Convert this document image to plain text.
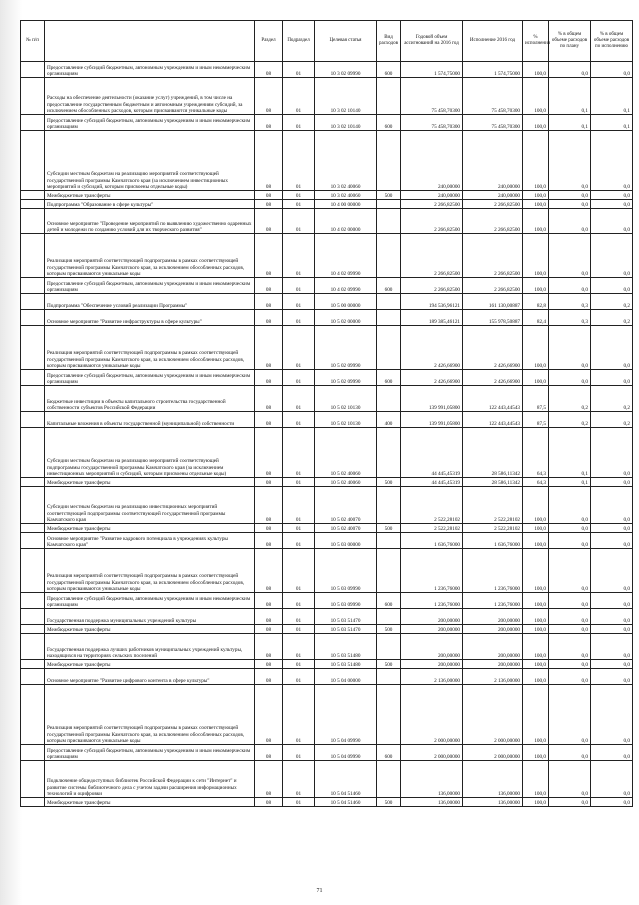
№ п/п		Раздел	Подраздел	Целевая статья	Вид расходов	Годовой объем ассигнований на 2016 год	Исполнение 2016 год	% исполнения	% в общем объеме расходов по плану	% в общем объеме расходов по исполнению
	Предоставление субсидий бюджетным, автономным учреждениям и иным некоммерческим организациям	08	01	10 3 02 09990	600	1 574,75000	1 574,75000	100,0	0,0	0,0
	Расходы на обеспечение деятельности (оказание услуг) учреждений, в том числе на предоставление государственным бюджетным и автономным учреждениям субсидий, за исключением обособленных расходов, которым присваиваются уникальные коды	08	01	10 3 02 10140		75 458,70300	75 458,70300	100,0	0,1	0,1
	Предоставление субсидий бюджетным, автономным учреждениям и иным некоммерческим организациям	08	01	10 3 02 10140	600	75 458,70300	75 458,70300	100,0	0,1	0,1
	Субсидии местным бюджетам на реализацию мероприятий соответствующей государственной программы Камчатского края (за исключением инвестиционных мероприятий и субсидий, которым присвоены отдельные коды)	08	01	10 3 02 40060		240,00000	240,00000	100,0	0,0	0,0
	Межбюджетные трансферты	08	01	10 3 02 40060	500	240,00000	240,00000	100,0	0,0	0,0
	Подпрограмма "Образование в сфере культуры"	08	01	10 4 00 00000		2 266,82500	2 266,82500	100,0	0,0	0,0
	Основное мероприятие "Проведение мероприятий по выявлению художественно одаренных детей и молодежи по созданию условий для их творческого развития"	08	01	10 4 02 00000		2 266,82500	2 266,82500	100,0	0,0	0,0
	Реализация мероприятий соответствующей подпрограммы в рамках соответствующей государственной программы Камчатского края, за исключением обособленных расходов, которым присваиваются уникальные коды	08	01	10 4 02 09990		2 266,82500	2 266,82500	100,0	0,0	0,0
	Предоставление субсидий бюджетным, автономным учреждениям и иным некоммерческим организациям	08	01	10 4 02 09990	600	2 266,82500	2 266,82500	100,0	0,0	0,0
	Подпрограмма "Обеспечение условий реализации Программы"	08	01	10 5 00 00000		194 536,96121	161 130,00887	82,8	0,3	0,2
	Основное мероприятие "Развитие инфраструктуры в сфере культуры"	08	01	10 5 02 00000		189 385,46121	155 978,50887	82,4	0,3	0,2
	Реализация мероприятий соответствующей подпрограммы в рамках соответствующей государственной программы Камчатского края, за исключением обособленных расходов, которым присваиваются уникальные коды	08	01	10 5 02 09990		2 426,66900	2 426,66900	100,0	0,0	0,0
	Предоставление субсидий бюджетным, автономным учреждениям и иным некоммерческим организациям	08	01	10 5 02 09990	600	2 426,66900	2 426,66900	100,0	0,0	0,0
	Бюджетные инвестиции в объекты капитального строительства государственной собственности субъектов Российской Федерации	08	01	10 5 02 10130		139 991,05800	122 443,44543	87,5	0,2	0,2
	Капитальные вложения в объекты государственной (муниципальной) собственности	08	01	10 5 02 10130	400	139 991,05800	122 443,44543	87,5	0,2	0,2
	Субсидии местным бюджетам на реализацию мероприятий соответствующей подпрограммы государственной программы Камчатского края (за исключением инвестиционных мероприятий и субсидий, которым присвоены отдельные коды)	08	01	10 5 02 40060		44 445,45319	28 586,11342	64,3	0,1	0,0
	Межбюджетные трансферты	08	01	10 5 02 40060	500	44 445,45319	28 586,11342	64,3	0,1	0,0
	Субсидии местным бюджетам на реализацию инвестиционных мероприятий соответствующей подпрограммы соответствующей государственной программы Камчатского края	08	01	10 5 02 40070		2 522,28102	2 522,28102	100,0	0,0	0,0
	Межбюджетные трансферты	08	01	10 5 02 40070	500	2 522,28102	2 522,28102	100,0	0,0	0,0
	Основное мероприятие "Развитие кадрового потенциала в учреждениях культуры Камчатского края"	08	01	10 5 03 00000		1 636,76000	1 636,76000	100,0	0,0	0,0
	Реализация мероприятий соответствующей подпрограммы в рамках соответствующей государственной программы Камчатского края, за исключением обособленных расходов, которым присваиваются уникальные коды	08	01	10 5 03 09990		1 236,76000	1 236,76000	100,0	0,0	0,0
	Предоставление субсидий бюджетным, автономным учреждениям и иным некоммерческим организациям	08	01	10 5 03 09990	600	1 236,76000	1 236,76000	100,0	0,0	0,0
	Государственная поддержка муниципальных учреждений культуры	08	01	10 5 03 51470		200,00000	200,00000	100,0	0,0	0,0
	Межбюджетные трансферты	08	01	10 5 03 51470	500	200,00000	200,00000	100,0	0,0	0,0
	Государственная поддержка лучших работников муниципальных учреждений культуры, находящихся на территориях сельских поселений	08	01	10 5 03 51480		200,00000	200,00000	100,0	0,0	0,0
	Межбюджетные трансферты	08	01	10 5 03 51480	500	200,00000	200,00000	100,0	0,0	0,0
	Основное мероприятие "Развитие цифрового контента в сфере культуры"	08	01	10 5 04 00000		2 136,00000	2 136,00000	100,0	0,0	0,0
	Реализация мероприятий соответствующей подпрограммы в рамках соответствующей государственной программы Камчатского края, за исключением обособленных расходов, которым присваиваются уникальные коды	08	01	10 5 04 09990		2 000,00000	2 000,00000	100,0	0,0	0,0
	Предоставление субсидий бюджетным, автономным учреждениям и иным некоммерческим организациям	08	01	10 5 04 09990	600	2 000,00000	2 000,00000	100,0	0,0	0,0
	Подключение общедоступных библиотек Российской Федерации к сети "Интернет" и развитие системы библиотечного дела с учетом задачи расширения информационных технологий и оцифровки	08	01	10 5 04 51460		136,00000	136,00000	100,0	0,0	0,0
	Межбюджетные трансферты	08	01	10 5 04 51460	500	136,00000	136,00000	100,0	0,0	0,0
71
